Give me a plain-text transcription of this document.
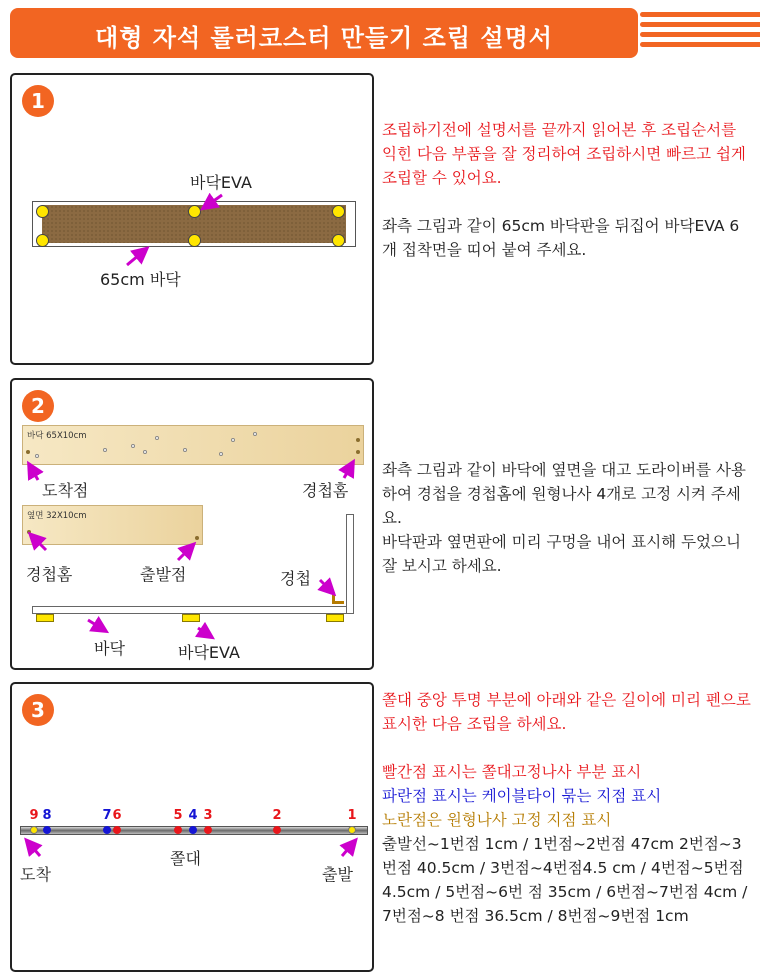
대형 자석 롤러코스터 만들기 조립 설명서
1
바닥EVA
65cm 바닥

조립하기전에 설명서를 끝까지 읽어본 후 조립순서를 익힌 다음 부품을 잘 정리하여 조립하시면 빠르고 쉽게 조립할 수 있어요.

좌측 그림과 같이 65cm 바닥판을 뒤집어 바닥EVA 6개 접착면을 띠어 붙여 주세요.

2
바닥 65X10cm
옆면 32X10cm
도착점	경첩홈
경첩홈	출발점	경첩
바닥	바닥EVA

좌측 그림과 같이 바닥에 옆면을 대고 도라이버를 사용하여 경첩을 경첩홈에 원형나사 4개로 고정 시켜 주세요.

바닥판과 옆면판에 미리 구멍을 내어 표시해 두었으니 잘 보시고 하세요.

3
9 8	7 6	5 4 3	2	1
도착
쫄대
출발

쫄대 중앙 투명 부분에 아래와 같은 길이에 미리 펜으로 표시한 다음 조립을 하세요.

빨간점 표시는 쫄대고정나사 부분 표시

파란점 표시는 케이블타이 묶는 지점 표시

노란점은 원형나사 고정 지점 표시

출발선~1번점 1cm / 1번점~2번점 47cm 2번점~3번점 40.5cm / 3번점~4번점4.5 cm / 4번점~5번점 4.5cm / 5번점~6번 점 35cm / 6번점~7번점 4cm / 7번점~8 번점 36.5cm / 8번점~9번점 1cm
